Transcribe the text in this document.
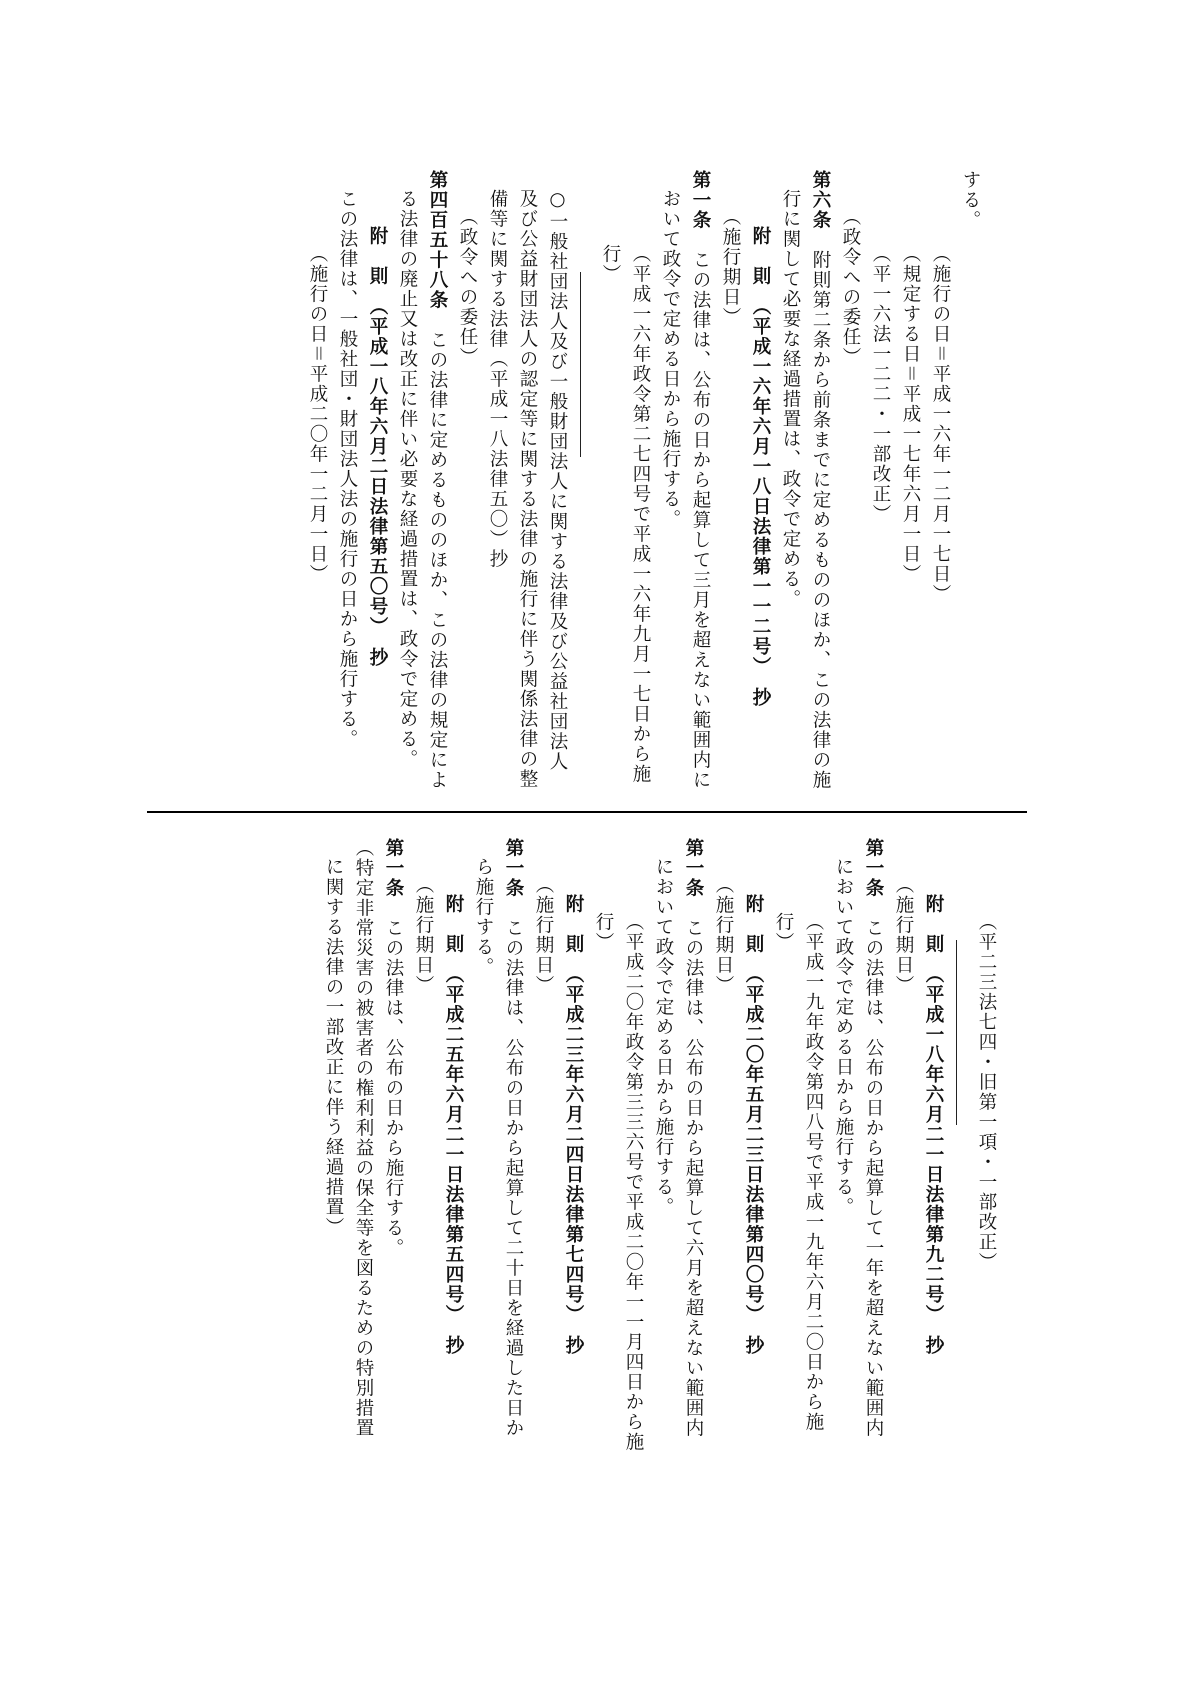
する。

（施行の日＝平成一六年一二月一七日）

（規定する日＝平成一七年六月一日）

（平一六法一二二・一部改正）

（政令への委任）

第六条　附則第二条から前条までに定めるもののほか、この法律の施行に関して必要な経過措置は、政令で定める。

附　則　（平成一六年六月一八日法律第一一二号）　抄

（施行期日）

第一条　この法律は、公布の日から起算して三月を超えない範囲内において政令で定める日から施行する。

（平成一六年政令第二七四号で平成一六年九月一七日から施行）

○一般社団法人及び一般財団法人に関する法律及び公益社団法人及び公益財団法人の認定等に関する法律の施行に伴う関係法律の整備等に関する法律（平成一八法律五〇）抄

（政令への委任）

第四百五十八条　この法律に定めるもののほか、この法律の規定による法律の廃止又は改正に伴い必要な経過措置は、政令で定める。

附　則　（平成一八年六月二日法律第五〇号）　抄

この法律は、一般社団・財団法人法の施行の日から施行する。

（施行の日＝平成二〇年一二月一日）

（平二三法七四・旧第一項・一部改正）

附　則　（平成一八年六月二一日法律第九二号）　抄

（施行期日）

第一条　この法律は、公布の日から起算して一年を超えない範囲内において政令で定める日から施行する。

（平成一九年政令第四八号で平成一九年六月二〇日から施行）

附　則　（平成二〇年五月二三日法律第四〇号）　抄

（施行期日）

第一条　この法律は、公布の日から起算して六月を超えない範囲内において政令で定める日から施行する。

（平成二〇年政令第三三六号で平成二〇年一一月四日から施行）

附　則　（平成二三年六月二四日法律第七四号）　抄

（施行期日）

第一条　この法律は、公布の日から起算して二十日を経過した日から施行する。

附　則　（平成二五年六月二一日法律第五四号）　抄

（施行期日）

第一条　この法律は、公布の日から施行する。

（特定非常災害の被害者の権利利益の保全等を図るための特別措置に関する法律の一部改正に伴う経過措置）
